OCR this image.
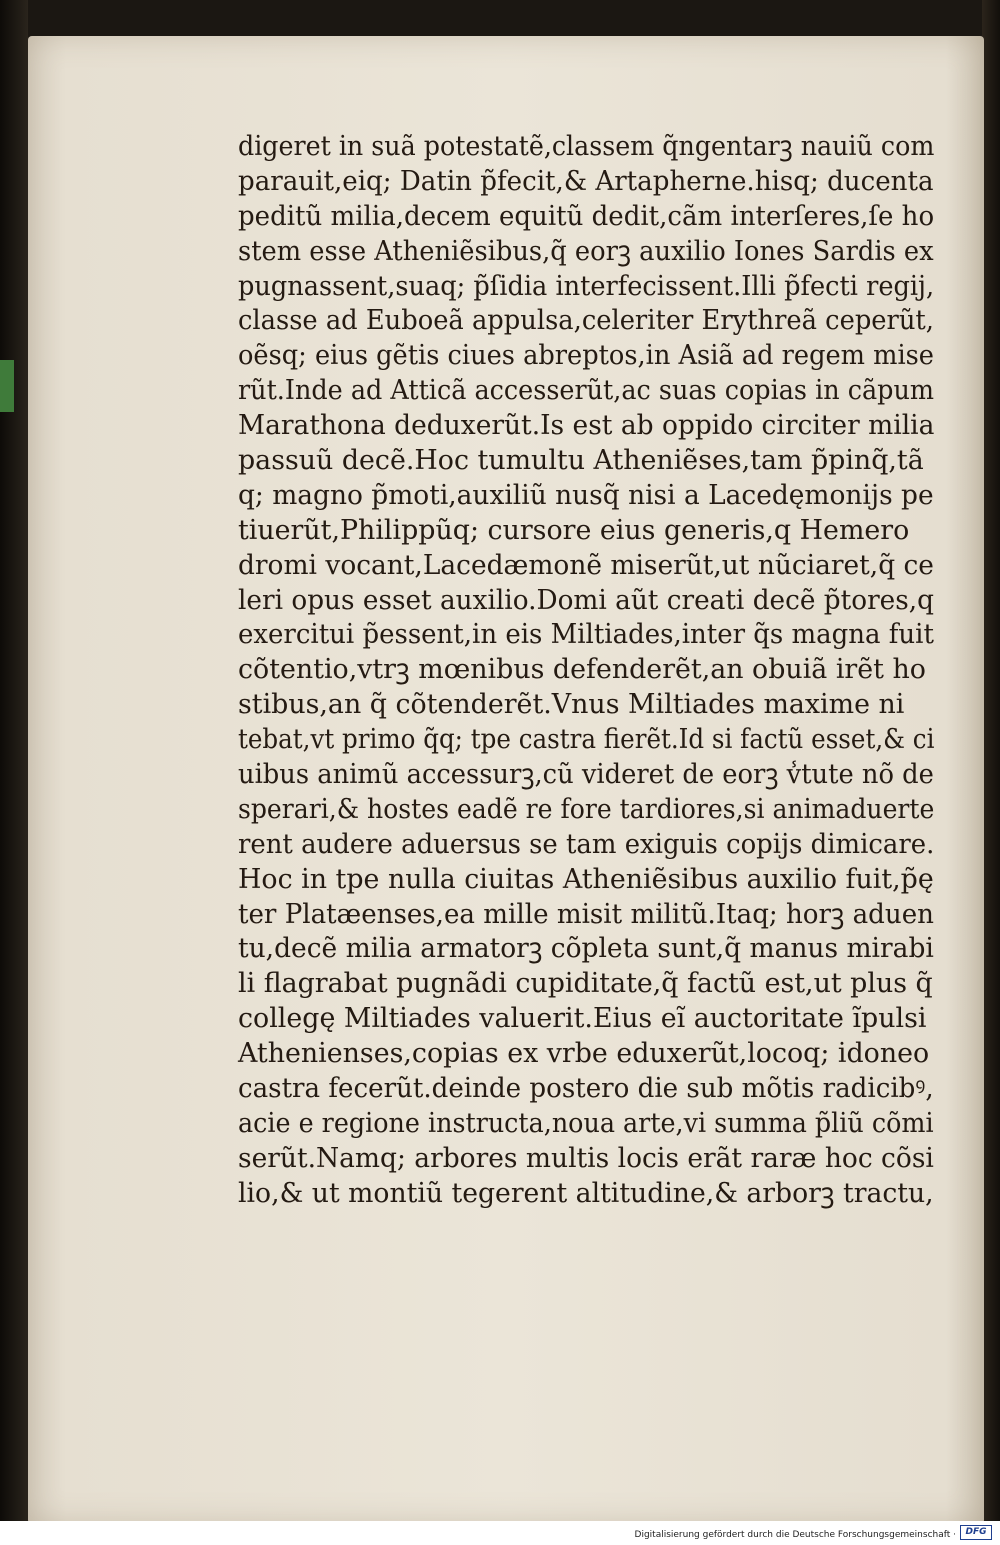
digeret in suã potestatẽ,classem q̃ngentarꝫ nauiũ com
parauit,eiq; Datin p̃fecit,& Artapherne.hisq; ducenta
peditũ milia,decem equitũ dedit,cãm interſeres,ſe ho
stem esse Atheniẽsibus,q̃ eorꝫ auxilio Iones Sardis ex
pugnassent,suaq; p̃ſidia interfecissent.Illi p̃fecti regij,
classe ad Euboeã appulsa,celeriter Erythreã ceperũt,
oẽsq; eius gẽtis ciues abreptos,in Asiã ad regem mise
rũt.Inde ad Atticã accesserũt,ac suas copias in cãpum
Marathona deduxerũt.Is est ab oppido circiter milia
passuũ decẽ.Hoc tumultu Atheniẽses,tam p̃pinq̃,tã
q; magno p̃moti,auxiliũ nusq̃ nisi a Lacedęmonijs pe
tiuerũt,Philippũq; cursore eius generis,q Hemero
dromi vocant,Lacedæmonẽ miserũt,ut nũciaret,q̃ ce
leri opus esset auxilio.Domi aũt creati decẽ p̃tores,q
exercitui p̃essent,in eis Miltiades,inter q̃s magna fuit
cõtentio,vtrꝫ mœnibus defenderẽt,an obuiã irẽt ho
stibus,an q̃ cõtenderẽt.Vnus Miltiades maxime ni
tebat,vt primo q̃q; tpe castra fierẽt.Id si factũ esset,& ci
uibus animũ accessurꝫ,cũ videret de eorꝫ v̾tute nõ de
sperari,& hostes eadẽ re fore tardiores,si animaduerte
rent audere aduersus se tam exiguis copijs dimicare.
Hoc in tpe nulla ciuitas Atheniẽsibus auxilio fuit,p̃ę
ter Platæenses,ea mille misit militũ.Itaq; horꝫ aduen
tu,decẽ milia armatorꝫ cõpleta sunt,q̃ manus mirabi
li flagrabat pugnãdi cupiditate,q̃ factũ est,ut plus q̃
collegę Miltiades valuerit.Eius eĩ auctoritate ĩpulsi
Athenienses,copias ex vrbe eduxerũt,locoq; idoneo
castra fecerũt.deinde postero die sub mõtis radicibꝰ,
acie e regione instructa,noua arte,vi summa p̃liũ cõmi
serũt.Namq; arbores multis locis erãt raræ hoc cõsi
lio,& ut montiũ tegerent altitudine,& arborꝫ tractu,
Digitalisierung gefördert durch die Deutsche Forschungsgemeinschaft ·	DFG
